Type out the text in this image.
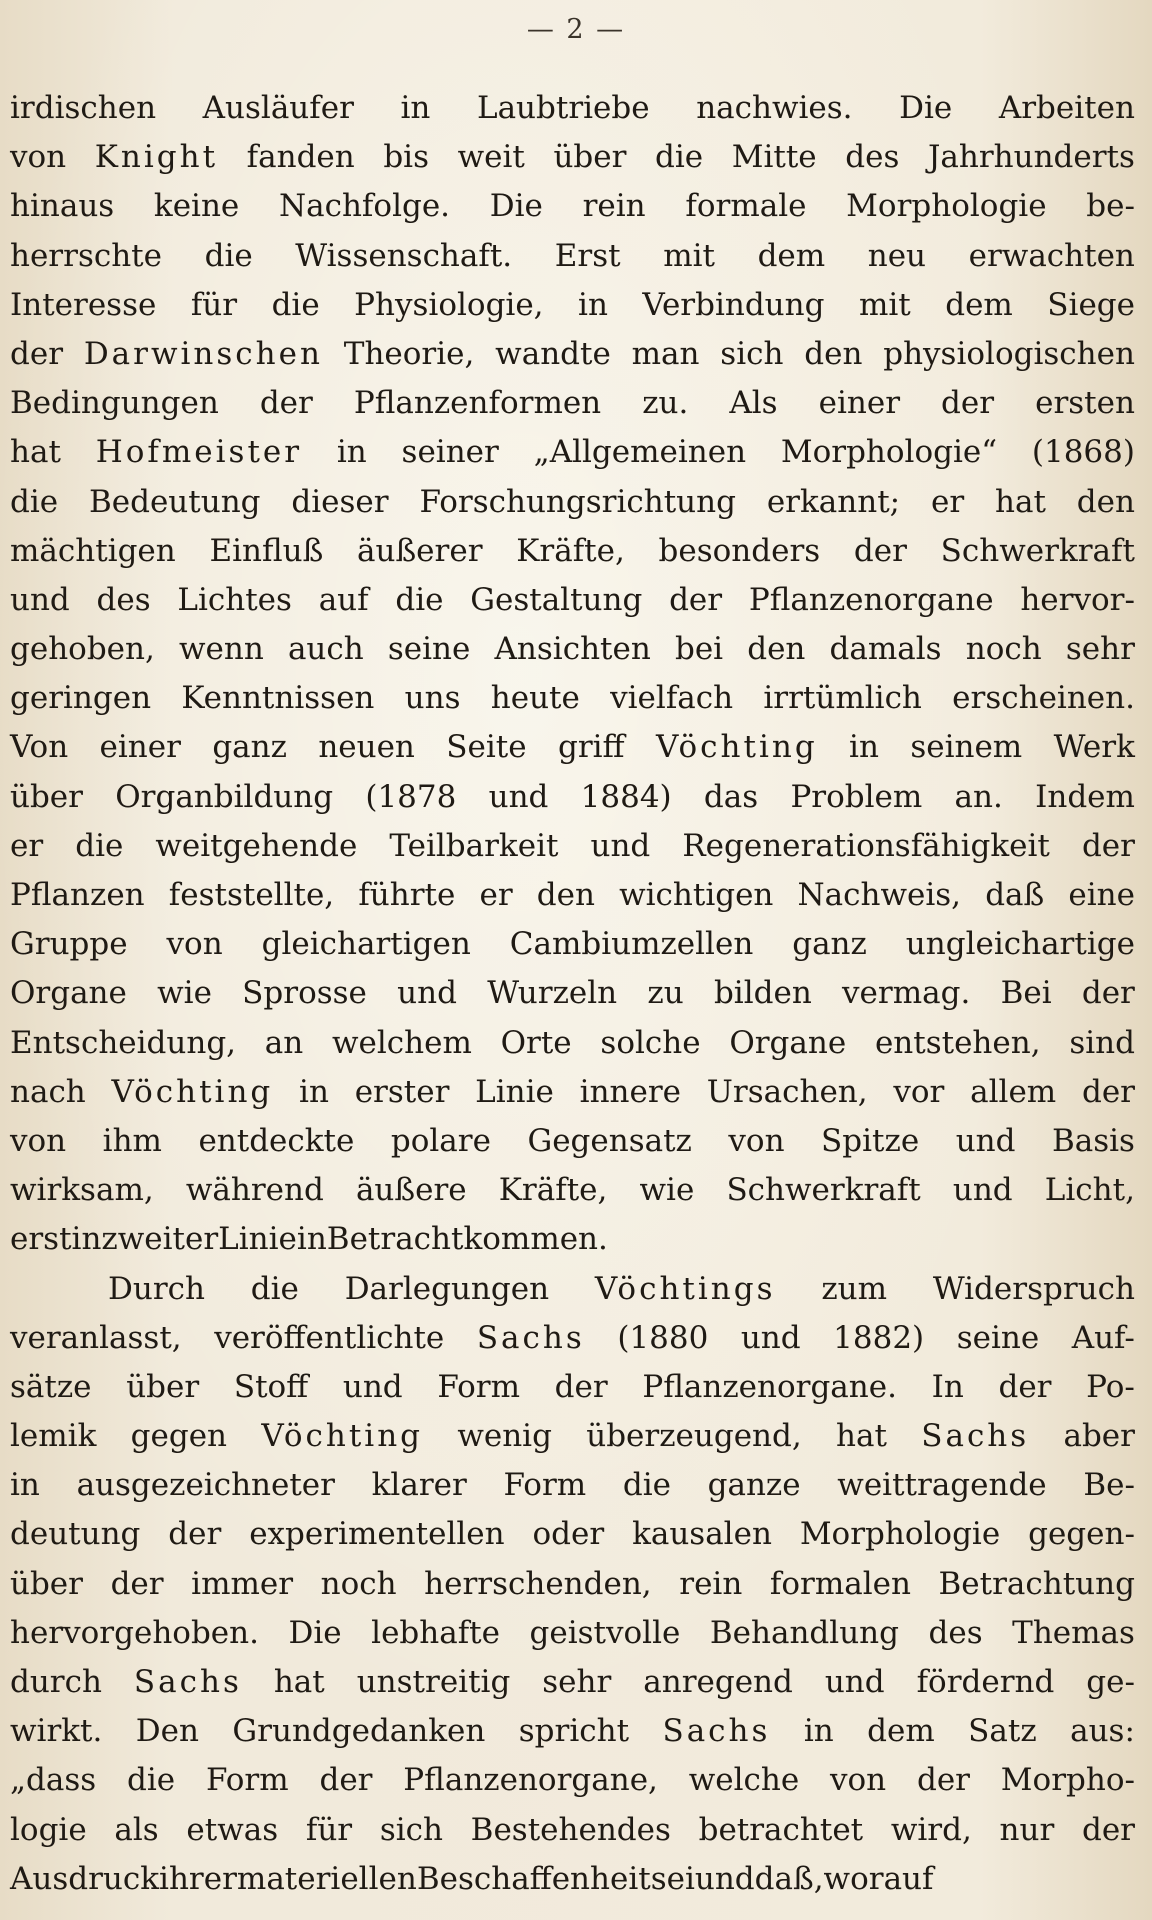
— 2 —
irdischen Ausläufer in Laubtriebe nachwies. Die Arbeiten
von Knight fanden bis weit über die Mitte des Jahrhunderts
hinaus keine Nachfolge. Die rein formale Morphologie be-
herrschte die Wissenschaft. Erst mit dem neu erwachten
Interesse für die Physiologie, in Verbindung mit dem Siege
der Darwinschen Theorie, wandte man sich den physiologischen
Bedingungen der Pflanzenformen zu. Als einer der ersten
hat Hofmeister in seiner „Allgemeinen Morphologie“ (1868)
die Bedeutung dieser Forschungsrichtung erkannt; er hat den
mächtigen Einfluß äußerer Kräfte, besonders der Schwerkraft
und des Lichtes auf die Gestaltung der Pflanzenorgane hervor-
gehoben, wenn auch seine Ansichten bei den damals noch sehr
geringen Kenntnissen uns heute vielfach irrtümlich erscheinen.
Von einer ganz neuen Seite griff Vöchting in seinem Werk
über Organbildung (1878 und 1884) das Problem an. Indem
er die weitgehende Teilbarkeit und Regenerationsfähigkeit der
Pflanzen feststellte, führte er den wichtigen Nachweis, daß eine
Gruppe von gleichartigen Cambiumzellen ganz ungleichartige
Organe wie Sprosse und Wurzeln zu bilden vermag. Bei der
Entscheidung, an welchem Orte solche Organe entstehen, sind
nach Vöchting in erster Linie innere Ursachen, vor allem der
von ihm entdeckte polare Gegensatz von Spitze und Basis
wirksam, während äußere Kräfte, wie Schwerkraft und Licht,
erst in zweiter Linie in Betracht kommen.
Durch die Darlegungen Vöchtings zum Widerspruch
veranlasst, veröffentlichte Sachs (1880 und 1882) seine Auf-
sätze über Stoff und Form der Pflanzenorgane. In der Po-
lemik gegen Vöchting wenig überzeugend, hat Sachs aber
in ausgezeichneter klarer Form die ganze weittragende Be-
deutung der experimentellen oder kausalen Morphologie gegen-
über der immer noch herrschenden, rein formalen Betrachtung
hervorgehoben. Die lebhafte geistvolle Behandlung des Themas
durch Sachs hat unstreitig sehr anregend und fördernd ge-
wirkt. Den Grundgedanken spricht Sachs in dem Satz aus:
„dass die Form der Pflanzenorgane, welche von der Morpho-
logie als etwas für sich Bestehendes betrachtet wird, nur der
Ausdruck ihrer materiellen Beschaffenheit sei und daß, worauf
